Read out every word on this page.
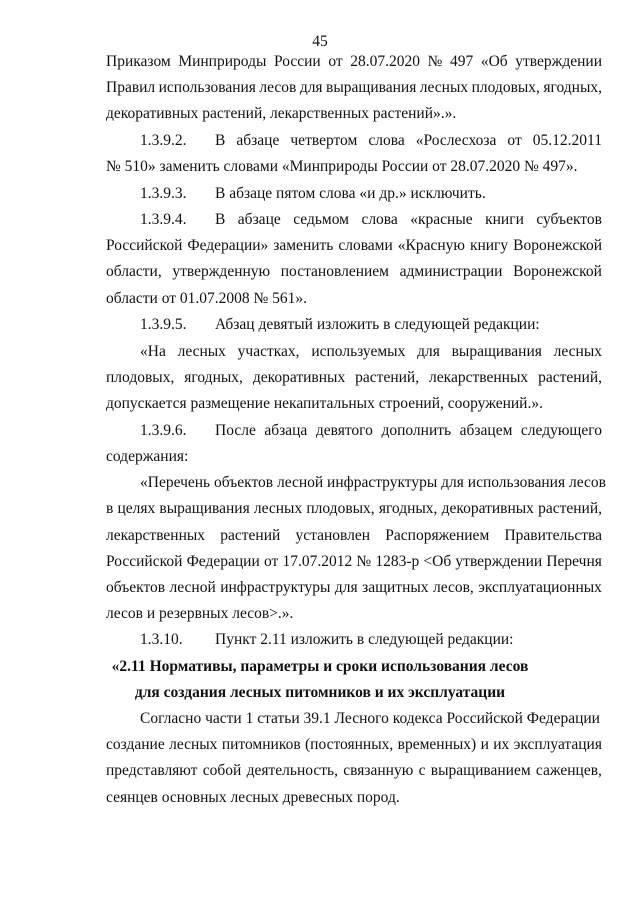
45
Приказом Минприроды России от 28.07.2020 № 497 «Об утверждении
Правил использования лесов для выращивания лесных плодовых, ягодных,
декоративных растений, лекарственных растений».».
1.3.9.2. В абзаце четвертом слова «Рослесхоза от 05.12.2011
№ 510» заменить словами «Минприроды России от 28.07.2020 № 497».
1.3.9.3. В абзаце пятом слова «и др.» исключить.
1.3.9.4. В абзаце седьмом слова «красные книги субъектов
Российской Федерации» заменить словами «Красную книгу Воронежской
области, утвержденную постановлением администрации Воронежской
области от 01.07.2008 № 561».
1.3.9.5. Абзац девятый изложить в следующей редакции:
«На лесных участках, используемых для выращивания лесных
плодовых, ягодных, декоративных растений, лекарственных растений,
допускается размещение некапитальных строений, сооружений.».
1.3.9.6. После абзаца девятого дополнить абзацем следующего
содержания:
«Перечень объектов лесной инфраструктуры для использования лесов
в целях выращивания лесных плодовых, ягодных, декоративных растений,
лекарственных растений установлен Распоряжением Правительства
Российской Федерации от 17.07.2012 № 1283-р <Об утверждении Перечня
объектов лесной инфраструктуры для защитных лесов, эксплуатационных
лесов и резервных лесов>.».
1.3.10. Пункт 2.11 изложить в следующей редакции:
«2.11 Нормативы, параметры и сроки использования лесов
для создания лесных питомников и их эксплуатации
Согласно части 1 статьи 39.1 Лесного кодекса Российской Федерации
создание лесных питомников (постоянных, временных) и их эксплуатация
представляют собой деятельность, связанную с выращиванием саженцев,
сеянцев основных лесных древесных пород.
